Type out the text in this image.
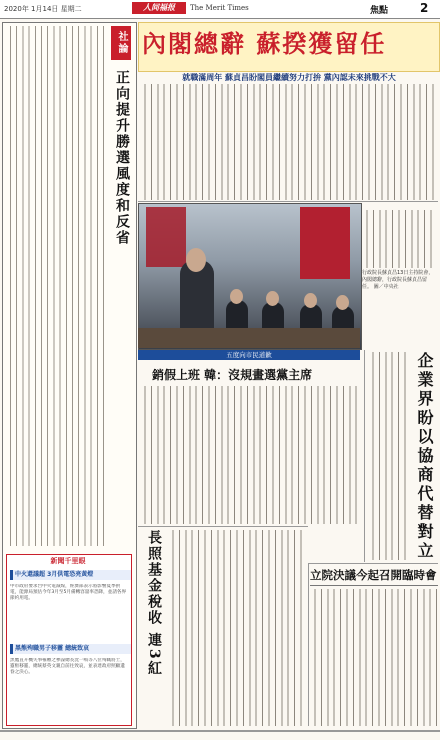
2020年 1月14日 星期二	人间福报	The Merit Times	焦點	2
社論
正向提升勝選風度和反省
內閣總辭 蘇揆獲留任
就職滿周年 蘇貞昌盼閣員繼續努力打拚 黨內認未來挑戰不大
行政院長蘇貞昌13日主持院會，內閣總辭，行政院長蘇貞昌留任。 圖／中央社
五度向市民道歉
銷假上班 韓：沒規畫選黨主席	企業界盼以協商代替對立
長照基金稅收 連3紅	立院決議今起召開臨時會
新聞千里眼
中火還議超 3月供電恐亮黃燈
中市政府要求台中火電減煤，經濟部表示將影響夏季供電，能源局預估今年3月至5月備轉容量率恐降，並請各界節約用電。
黑熊殉職男子移靈 總統致哀
黑鷹直升機失事罹難之參謀總長沈一鳴等八位殉職將士，靈柩移靈，總統蔡英文親自前往致哀，並表達政府照顧遺眷之決心。
